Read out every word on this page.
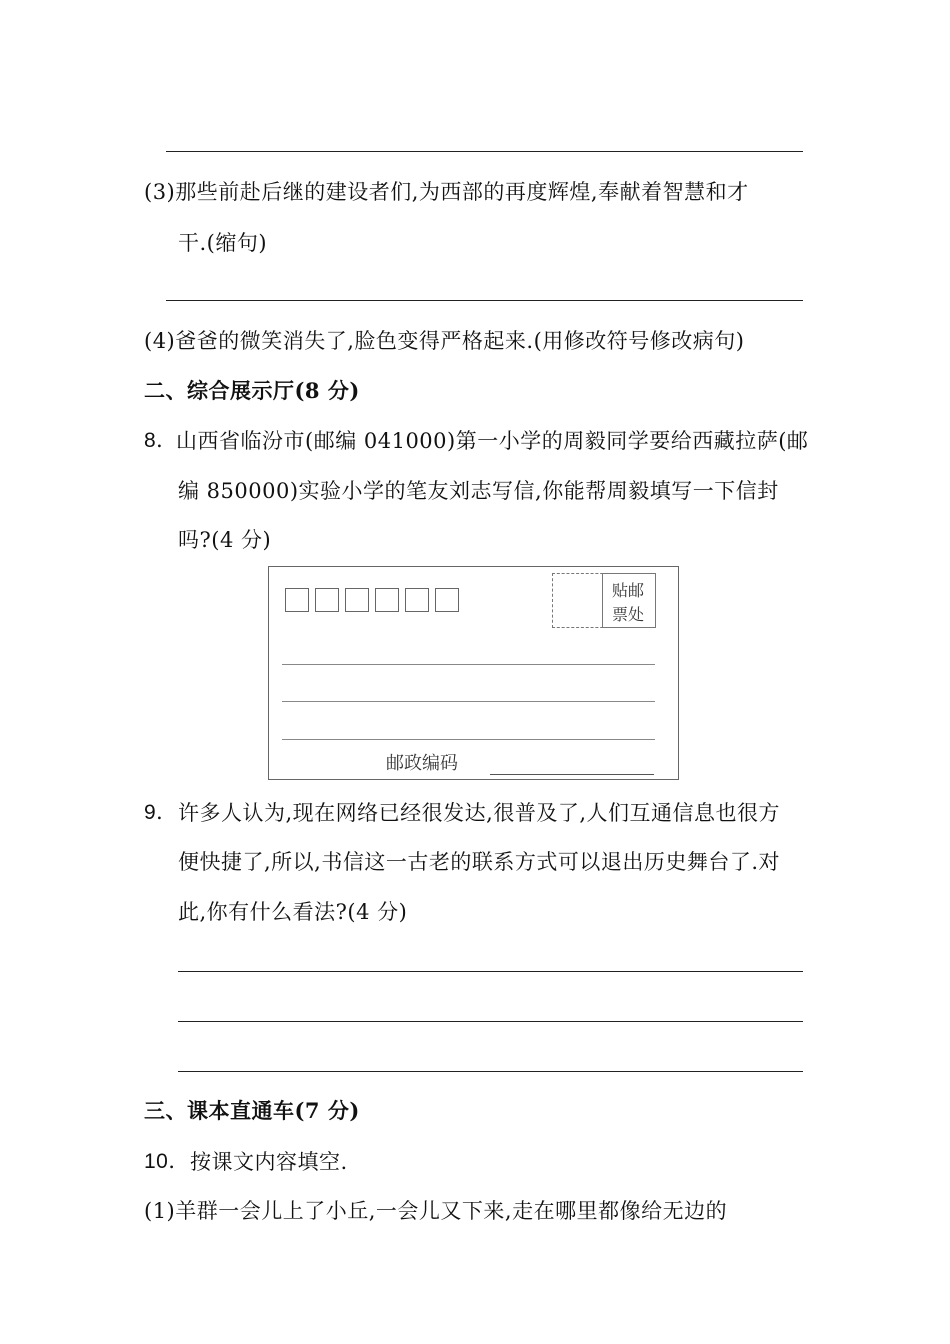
(3)那些前赴后继的建设者们,为西部的再度辉煌,奉献着智慧和才
干.(缩句)
(4)爸爸的微笑消失了,脸色变得严格起来.(用修改符号修改病句)
二、综合展示厅(8 分)
8．
山西省临汾市(邮编 041000)第一小学的周毅同学要给西藏拉萨(邮
编 850000)实验小学的笔友刘志写信,你能帮周毅填写一下信封
吗?(4 分)
贴邮
票处
邮政编码
9． 许多人认为,现在网络已经很发达,很普及了,人们互通信息也很方
便快捷了,所以,书信这一古老的联系方式可以退出历史舞台了.对
此,你有什么看法?(4 分)
三、课本直通车(7 分)
10． 按课文内容填空.
(1)羊群一会儿上了小丘,一会儿又下来,走在哪里都像给无边的
